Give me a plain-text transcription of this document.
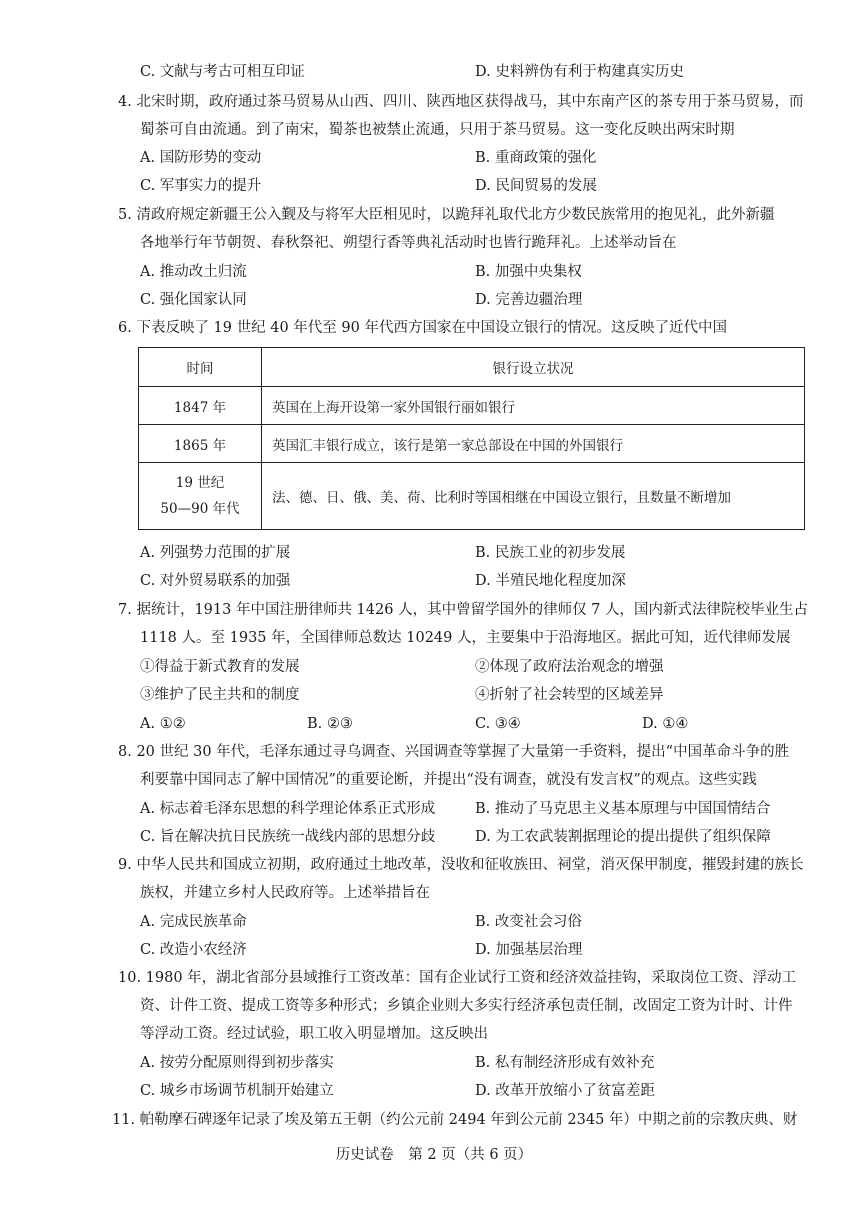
C. 文献与考古可相互印证	D. 史料辨伪有利于构建真实历史
4. 北宋时期，政府通过茶马贸易从山西、四川、陕西地区获得战马，其中东南产区的茶专用于茶马贸易，而
蜀茶可自由流通。到了南宋，蜀茶也被禁止流通，只用于茶马贸易。这一变化反映出两宋时期
A. 国防形势的变动	B. 重商政策的强化
C. 军事实力的提升	D. 民间贸易的发展
5. 清政府规定新疆王公入觐及与将军大臣相见时，以跪拜礼取代北方少数民族常用的抱见礼，此外新疆
各地举行年节朝贺、春秋祭祀、朔望行香等典礼活动时也皆行跪拜礼。上述举动旨在
A. 推动改土归流	B. 加强中央集权
C. 强化国家认同	D. 完善边疆治理
6. 下表反映了 19 世纪 40 年代至 90 年代西方国家在中国设立银行的情况。这反映了近代中国
时间	银行设立状况
1847 年	英国在上海开设第一家外国银行丽如银行
1865 年	英国汇丰银行成立，该行是第一家总部设在中国的外国银行

19 世纪
50—90 年代	法、德、日、俄、美、荷、比利时等国相继在中国设立银行，且数量不断增加
A. 列强势力范围的扩展	B. 民族工业的初步发展
C. 对外贸易联系的加强	D. 半殖民地化程度加深
7. 据统计，1913 年中国注册律师共 1426 人，其中曾留学国外的律师仅 7 人，国内新式法律院校毕业生占
1118 人。至 1935 年，全国律师总数达 10249 人，主要集中于沿海地区。据此可知，近代律师发展
①得益于新式教育的发展	②体现了政府法治观念的增强
③维护了民主共和的制度	④折射了社会转型的区域差异
A. ①②	B. ②③	C. ③④	D. ①④
8. 20 世纪 30 年代，毛泽东通过寻乌调查、兴国调查等掌握了大量第一手资料，提出“中国革命斗争的胜
利要靠中国同志了解中国情况”的重要论断，并提出“没有调查，就没有发言权”的观点。这些实践
A. 标志着毛泽东思想的科学理论体系正式形成	B. 推动了马克思主义基本原理与中国国情结合
C. 旨在解决抗日民族统一战线内部的思想分歧	D. 为工农武装割据理论的提出提供了组织保障
9. 中华人民共和国成立初期，政府通过土地改革，没收和征收族田、祠堂，消灭保甲制度，摧毁封建的族长
族权，并建立乡村人民政府等。上述举措旨在
A. 完成民族革命	B. 改变社会习俗
C. 改造小农经济	D. 加强基层治理
10. 1980 年，湖北省部分县域推行工资改革：国有企业试行工资和经济效益挂钩，采取岗位工资、浮动工
资、计件工资、提成工资等多种形式；乡镇企业则大多实行经济承包责任制，改固定工资为计时、计件
等浮动工资。经过试验，职工收入明显增加。这反映出
A. 按劳分配原则得到初步落实	B. 私有制经济形成有效补充
C. 城乡市场调节机制开始建立	D. 改革开放缩小了贫富差距
11. 帕勒摩石碑逐年记录了埃及第五王朝（约公元前 2494 年到公元前 2345 年）中期之前的宗教庆典、财
历史试卷　第 2 页（共 6 页）
